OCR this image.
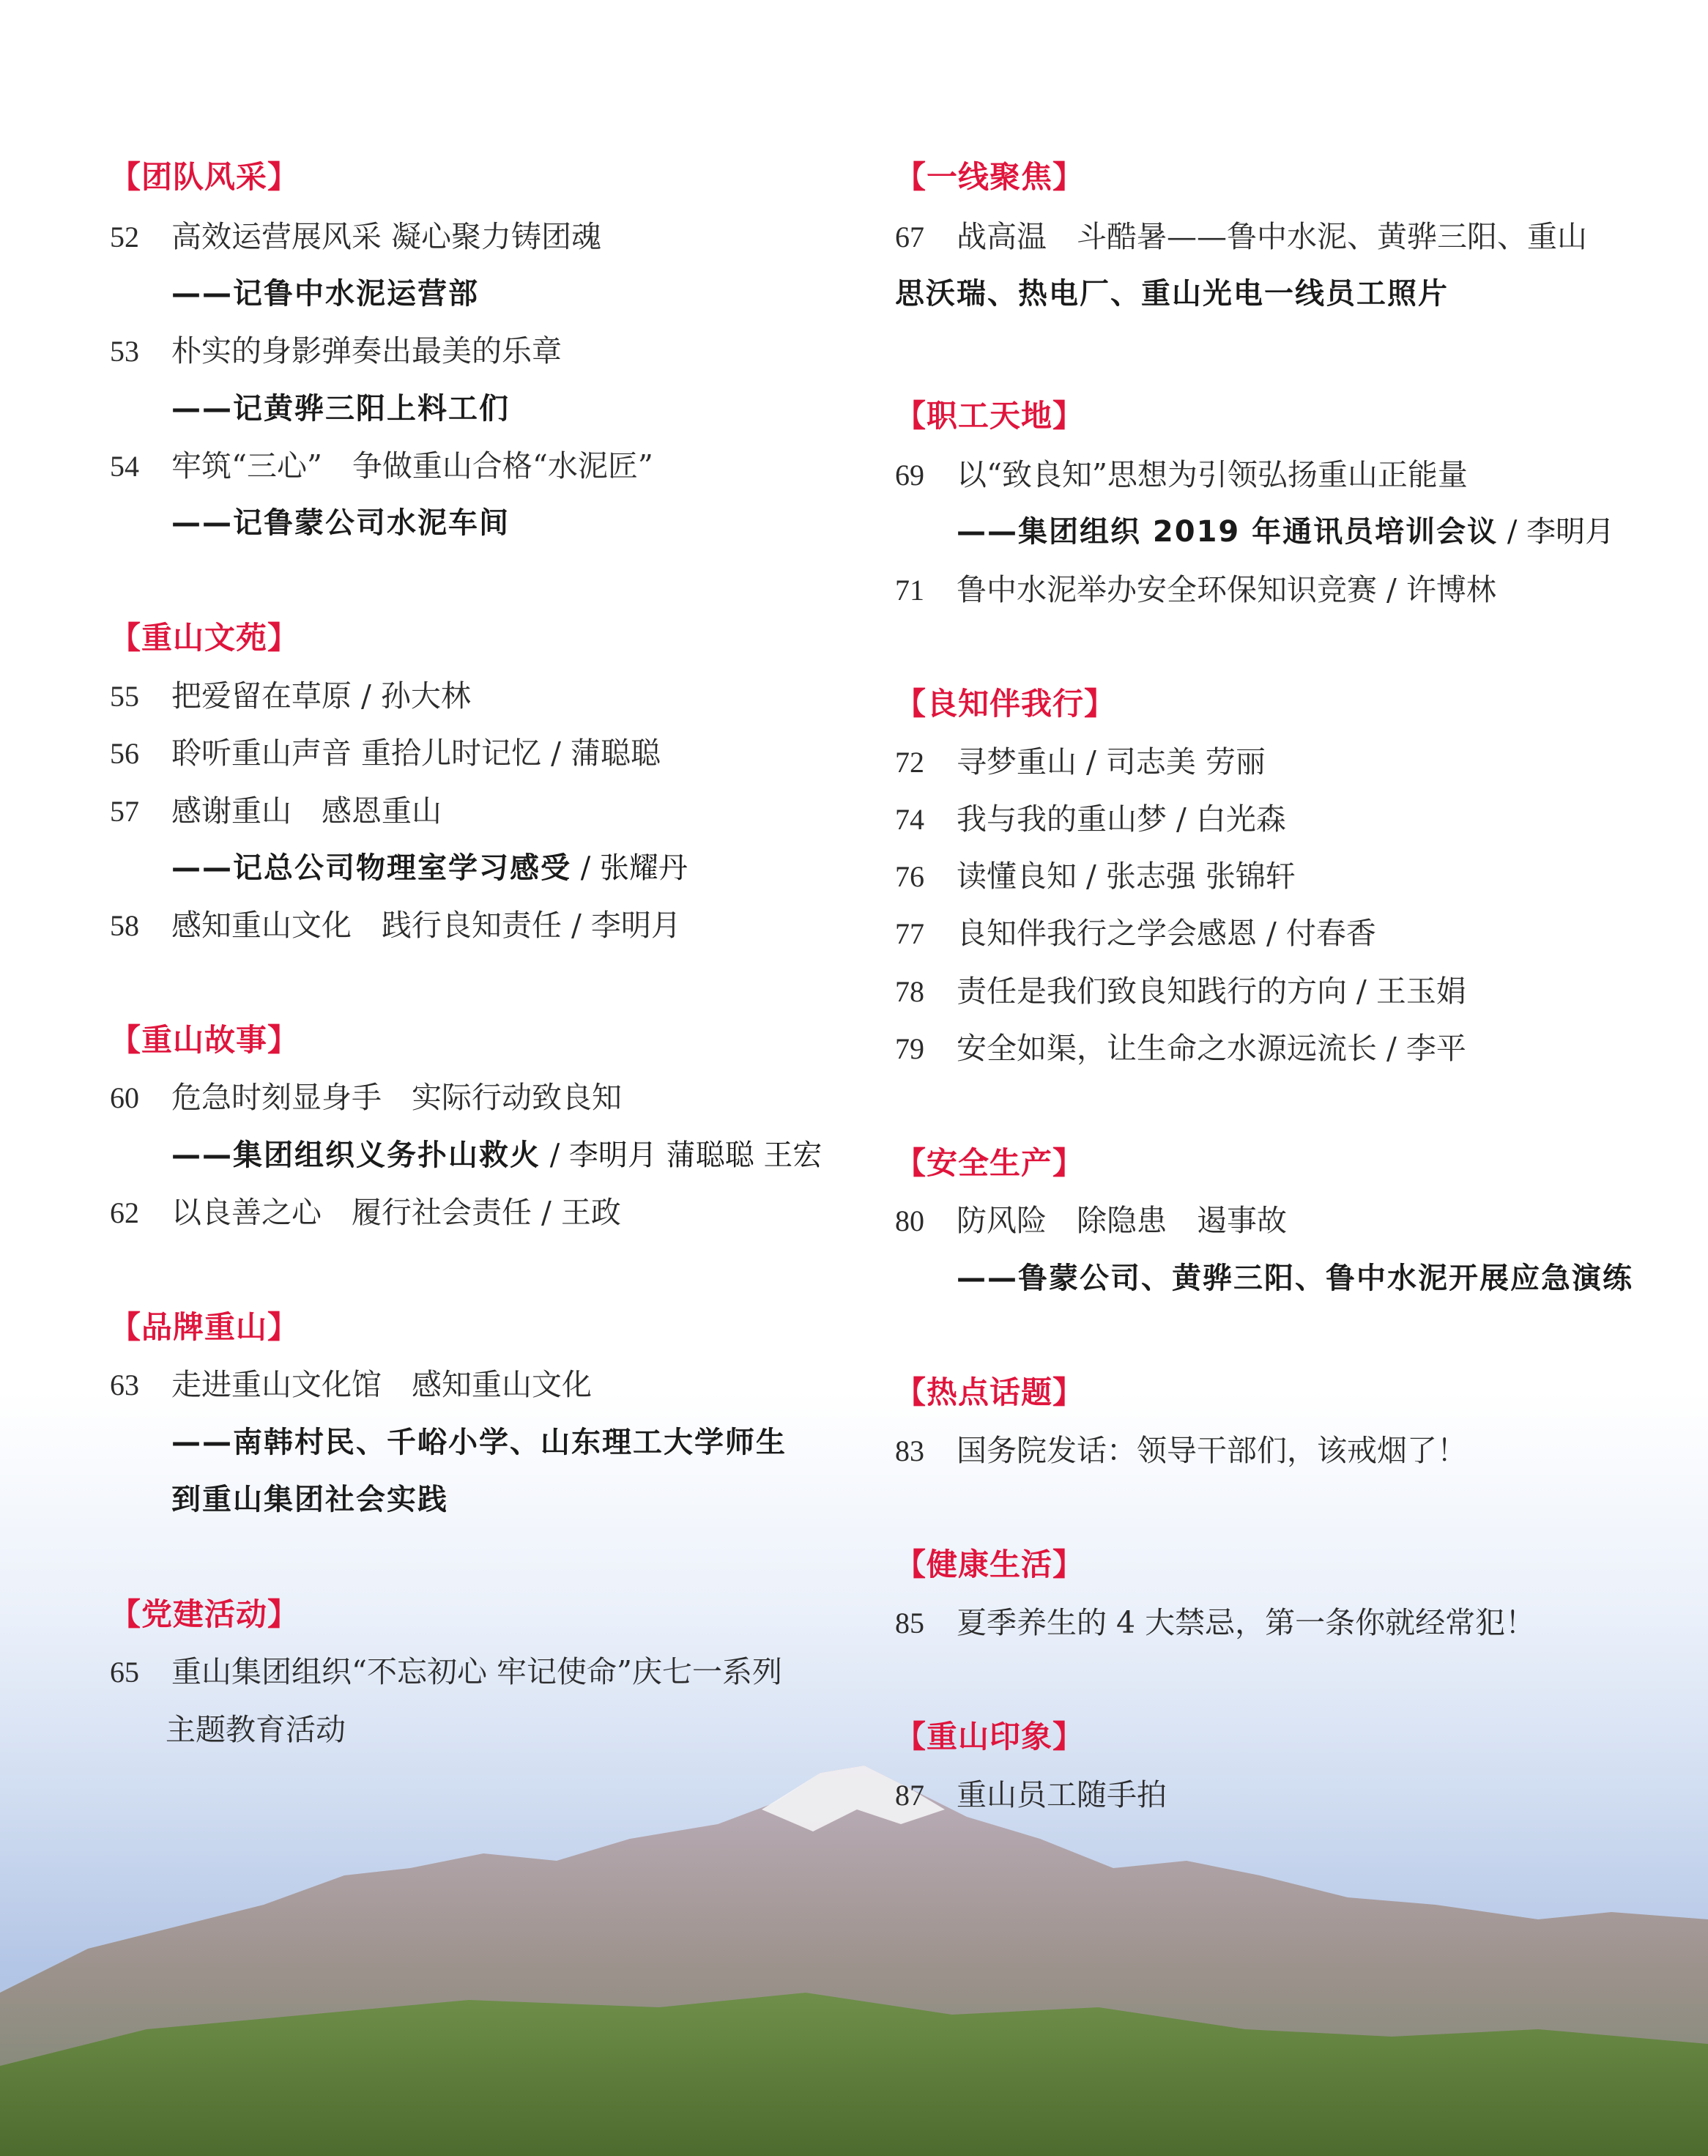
【团队风采】
52 高效运营展风采 凝心聚力铸团魂
——记鲁中水泥运营部
53 朴实的身影弹奏出最美的乐章
——记黄骅三阳上料工们
54 牢筑“三心”　争做重山合格“水泥匠”
——记鲁蒙公司水泥车间
【重山文苑】
55 把爱留在草原 / 孙大林
56 聆听重山声音 重拾儿时记忆 / 蒲聪聪
57 感谢重山　感恩重山
——记总公司物理室学习感受 / 张耀丹
58 感知重山文化　践行良知责任 / 李明月
【重山故事】
60 危急时刻显身手　实际行动致良知
——集团组织义务扑山救火 / 李明月 蒲聪聪 王宏
62 以良善之心　履行社会责任 / 王政
【品牌重山】
63 走进重山文化馆　感知重山文化
——南韩村民、千峪小学、山东理工大学师生
到重山集团社会实践
【党建活动】
65 重山集团组织“不忘初心 牢记使命”庆七一系列
主题教育活动
【一线聚焦】
67 战高温　斗酷暑——鲁中水泥、黄骅三阳、重山
思沃瑞、热电厂、重山光电一线员工照片
【职工天地】
69 以“致良知”思想为引领弘扬重山正能量
——集团组织 2019 年通讯员培训会议 / 李明月
71 鲁中水泥举办安全环保知识竞赛 / 许博林
【良知伴我行】
72 寻梦重山 / 司志美 劳丽
74 我与我的重山梦 / 白光森
76 读懂良知 / 张志强 张锦轩
77 良知伴我行之学会感恩 / 付春香
78 责任是我们致良知践行的方向 / 王玉娟
79 安全如渠，让生命之水源远流长 / 李平
【安全生产】
80 防风险　除隐患　遏事故
——鲁蒙公司、黄骅三阳、鲁中水泥开展应急演练
【热点话题】
83 国务院发话：领导干部们，该戒烟了！
【健康生活】
85 夏季养生的 4 大禁忌，第一条你就经常犯！
【重山印象】
87 重山员工随手拍
